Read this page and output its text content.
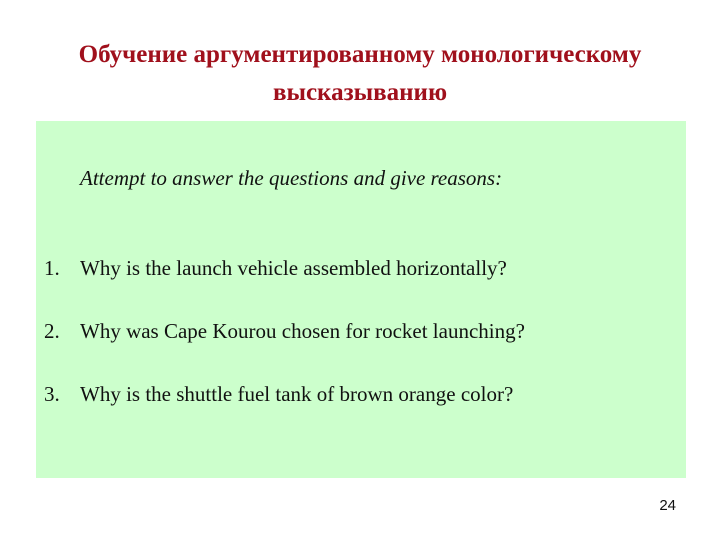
Обучение аргументированному монологическому
высказыванию
Attempt to answer the questions and give reasons:
1. Why is the launch vehicle assembled horizontally?
2. Why was Cape Kourou chosen for rocket launching?
3. Why is the shuttle fuel tank of brown orange color?
24
